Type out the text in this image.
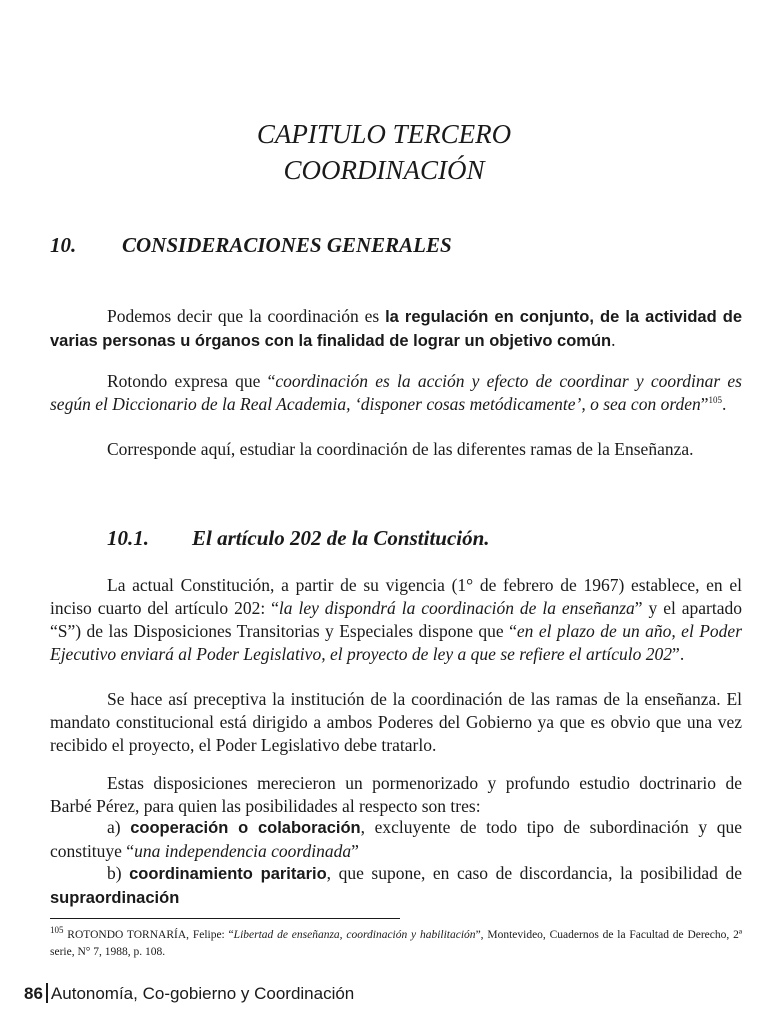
CAPITULO TERCERO
COORDINACIÓN
10. CONSIDERACIONES GENERALES
Podemos decir que la coordinación es la regulación en conjunto, de la actividad de varias personas u órganos con la finalidad de lograr un objetivo común.
Rotondo expresa que “coordinación es la acción y efecto de coordinar y coordinar es según el Diccionario de la Real Academia, ‘disponer cosas metódicamente’, o sea con orden”$^{105}$.
Corresponde aquí, estudiar la coordinación de las diferentes ramas de la Enseñanza.
10.1. El artículo 202 de la Constitución.
La actual Constitución, a partir de su vigencia (1° de febrero de 1967) establece, en el inciso cuarto del artículo 202: “la ley dispondrá la coordinación de la enseñanza” y el apartado “S”) de las Disposiciones Transitorias y Especiales dispone que “en el plazo de un año, el Poder Ejecutivo enviará al Poder Legislativo, el proyecto de ley a que se refiere el artículo 202”.
Se hace así preceptiva la institución de la coordinación de las ramas de la enseñanza. El mandato constitucional está dirigido a ambos Poderes del Gobierno ya que es obvio que una vez recibido el proyecto, el Poder Legislativo debe tratarlo.
Estas disposiciones merecieron un pormenorizado y profundo estudio doctrinario de Barbé Pérez, para quien las posibilidades al respecto son tres:
a) cooperación o colaboración, excluyente de todo tipo de subordinación y que constituye “una independencia coordinada”
b) coordinamiento paritario, que supone, en caso de discordancia, la posibilidad de supraordinación
$^{105}$ ROTONDO TORNARÍA, Felipe: “Libertad de enseñanza, coordinación y habilitación”, Montevideo, Cuadernos de la Facultad de Derecho, 2ª serie, N° 7, 1988, p. 108.
86 Autonomía, Co-gobierno y Coordinación
